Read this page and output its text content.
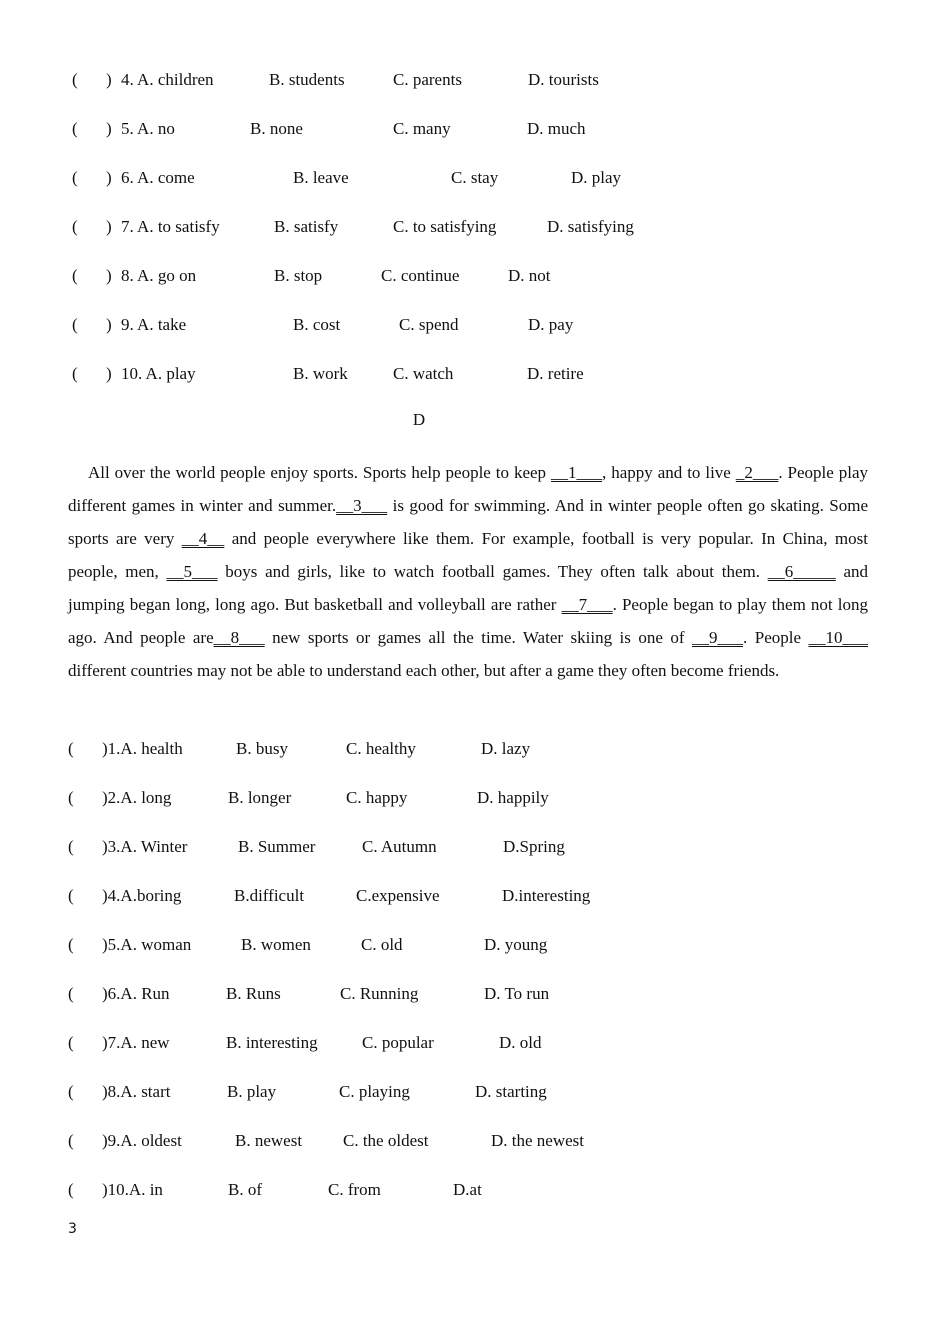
( ) 4. A. children	B. students	C. parents	D. tourists
( ) 5. A. no	B. none	C. many	D. much
( ) 6. A. come	B. leave	C. stay	D. play
( ) 7. A. to satisfy	B. satisfy	C. to satisfying	D. satisfying
( ) 8. A. go on	B. stop	C. continue	D. not
( ) 9. A. take	B. cost	C. spend	D. pay
( ) 10. A. play	B. work	C. watch	D. retire
D
All over the world people enjoy sports. Sports help people to keep __1___, happy and to live _2___. People play different games in winter and summer.__3___ is good for swimming. And in winter people often go skating. Some sports are very __4__ and people everywhere like them. For example, football is very popular. In China, most people, men, __5___ boys and girls, like to watch football games. They often talk about them. __6_____ and jumping began long, long ago. But basketball and volleyball are rather __7___. People began to play them not long ago. And people are__8___ new sports or games all the time. Water skiing is one of __9___. People __10___ different countries may not be able to understand each other, but after a game they often become friends.
( )1.A. health	B. busy	C. healthy	D. lazy
( )2.A. long	B. longer	C. happy	D. happily
( )3.A. Winter	B. Summer	C. Autumn	D.Spring
( )4.A.boring	B.difficult	C.expensive	D.interesting
( )5.A. woman	B. women	C. old	D. young
( )6.A. Run	B. Runs	C. Running	D. To run
( )7.A. new	B. interesting	C. popular	D. old
( )8.A. start	B. play	C. playing	D. starting
( )9.A. oldest	B. newest C. the oldest	D. the newest
( )10.A. in	B. of	C. from	D.at
3
